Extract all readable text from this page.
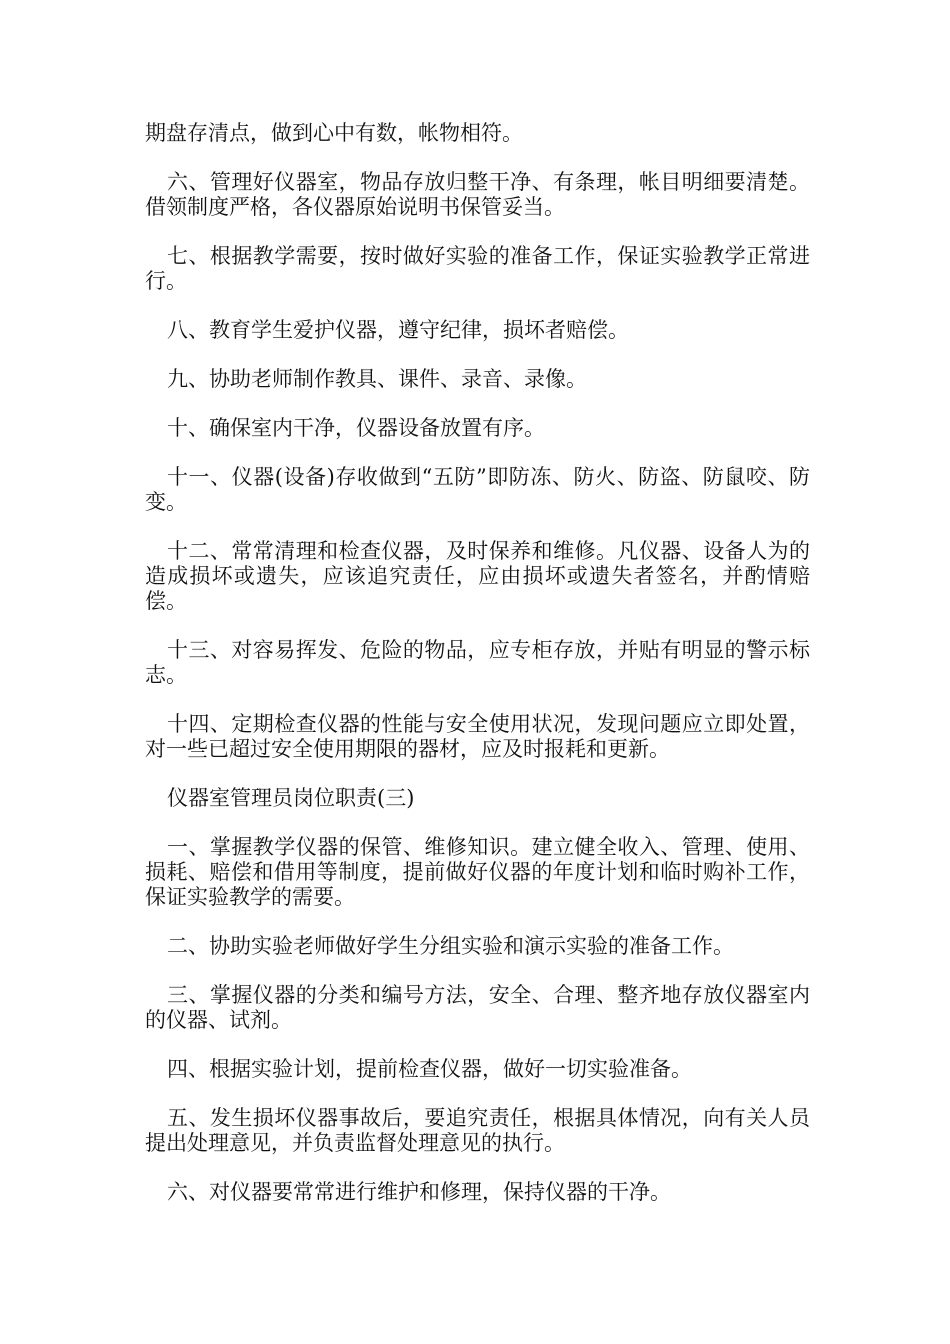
期盘存清点，做到心中有数，帐物相符。

六、管理好仪器室，物品存放归整干净、有条理，帐目明细要清楚。借领制度严格，各仪器原始说明书保管妥当。

七、根据教学需要，按时做好实验的准备工作，保证实验教学正常进行。

八、教育学生爱护仪器，遵守纪律，损坏者赔偿。

九、协助老师制作教具、课件、录音、录像。

十、确保室内干净，仪器设备放置有序。

十一、仪器(设备)存收做到“五防”即防冻、防火、防盗、防鼠咬、防变。

十二、常常清理和检查仪器，及时保养和维修。凡仪器、设备人为的造成损坏或遗失，应该追究责任，应由损坏或遗失者签名，并酌情赔偿。

十三、对容易挥发、危险的物品，应专柜存放，并贴有明显的警示标志。

十四、定期检查仪器的性能与安全使用状况，发现问题应立即处置，对一些已超过安全使用期限的器材，应及时报耗和更新。

仪器室管理员岗位职责(三)

一、掌握教学仪器的保管、维修知识。建立健全收入、管理、使用、损耗、赔偿和借用等制度，提前做好仪器的年度计划和临时购补工作，保证实验教学的需要。

二、协助实验老师做好学生分组实验和演示实验的准备工作。

三、掌握仪器的分类和编号方法，安全、合理、整齐地存放仪器室内的仪器、试剂。

四、根据实验计划，提前检查仪器，做好一切实验准备。

五、发生损坏仪器事故后，要追究责任，根据具体情况，向有关人员提出处理意见，并负责监督处理意见的执行。

六、对仪器要常常进行维护和修理，保持仪器的干净。
